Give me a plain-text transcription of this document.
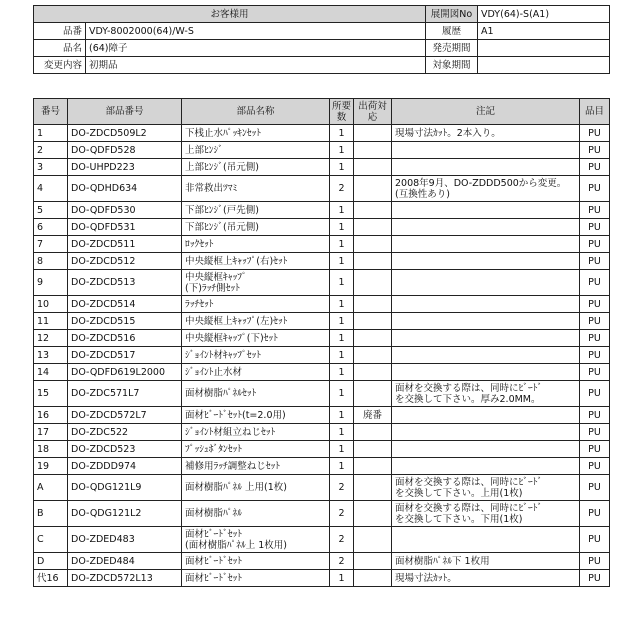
お客様用		展開図No	VDY(64)-S(A1)
品番	VDY-8002000(64)/W-S	履歴	A1
品名	(64)障子	発売期間	
変更内容	初期品	対象期間	
番号	部品番号	部品名称	所要数	出荷対応	注記	品目
1	DO-ZDCD509L2	下桟止水ﾊﾟｯｷﾝｾｯﾄ	1		現場寸法ｶｯﾄ。2本入り。	PU
2	DO-QDFD528	上部ﾋﾝｼﾞ	1			PU
3	DO-UHPD223	上部ﾋﾝｼﾞ(吊元側)	1			PU
4	DO-QDHD634	非常救出ﾂﾏﾐ	2		2008年9月、DO-ZDDD500から変更。(互換性あり)	PU
5	DO-QDFD530	下部ﾋﾝｼﾞ(戸先側)	1			PU
6	DO-QDFD531	下部ﾋﾝｼﾞ(吊元側)	1			PU
7	DO-ZDCD511	ﾛｯｸｾｯﾄ	1			PU
8	DO-ZDCD512	中央縦框上ｷｬｯﾌﾟ(右)ｾｯﾄ	1			PU
9	DO-ZDCD513	中央縦框ｷｬｯﾌﾟ
(下)ﾗｯﾁ側ｾｯﾄ	1			PU
10	DO-ZDCD514	ﾗｯﾁｾｯﾄ	1			PU
11	DO-ZDCD515	中央縦框上ｷｬｯﾌﾟ(左)ｾｯﾄ	1			PU
12	DO-ZDCD516	中央縦框ｷｬｯﾌﾟ(下)ｾｯﾄ	1			PU
13	DO-ZDCD517	ｼﾞｮｲﾝﾄ材ｷｬｯﾌﾟｾｯﾄ	1			PU
14	DO-QDFD619L2000	ｼﾞｮｲﾝﾄ止水材	1			PU
15	DO-ZDC571L7	面材樹脂ﾊﾟﾈﾙｾｯﾄ	1		面材を交換する際は、同時にﾋﾞｰﾄﾞ
を交換して下さい。厚み2.0MM。	PU
16	DO-ZDCD572L7	面材ﾋﾞｰﾄﾞｾｯﾄ(t=2.0用)	1	廃番		PU
17	DO-ZDC522	ｼﾞｮｲﾝﾄ材組立ねじｾｯﾄ	1			PU
18	DO-ZDCD523	ﾌﾟｯｼｭﾎﾞﾀﾝｾｯﾄ	1			PU
19	DO-ZDDD974	補修用ﾗｯﾁ調整ねじｾｯﾄ	1			PU
A	DO-QDG121L9	面材樹脂ﾊﾟﾈﾙ 上用(1枚)	2		面材を交換する際は、同時にﾋﾞｰﾄﾞ
を交換して下さい。上用(1枚)	PU
B	DO-QDG121L2	面材樹脂ﾊﾟﾈﾙ	2		面材を交換する際は、同時にﾋﾞｰﾄﾞ
を交換して下さい。下用(1枚)	PU
C	DO-ZDED483	面材ﾋﾞｰﾄﾞｾｯﾄ
(面材樹脂ﾊﾟﾈﾙ上 1枚用)	2			PU
D	DO-ZDED484	面材ﾋﾞｰﾄﾞｾｯﾄ	2		面材樹脂ﾊﾟﾈﾙ下 1枚用	PU
代16	DO-ZDCD572L13	面材ﾋﾞｰﾄﾞｾｯﾄ	1		現場寸法ｶｯﾄ。	PU
